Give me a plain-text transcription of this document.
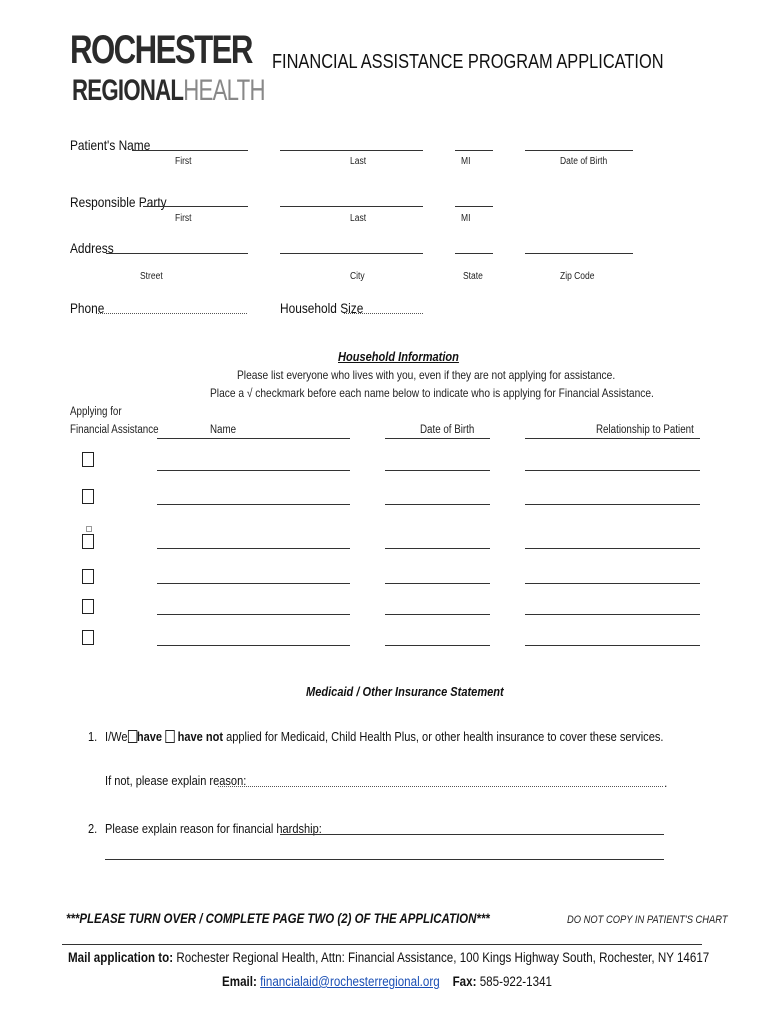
ROCHESTER
REGIONALHEALTH
FINANCIAL ASSISTANCE PROGRAM APPLICATION
Patient's Name
First	Last	MI	Date of Birth
Responsible Party
First	Last	MI
Address
Street	City	State	Zip Code
Phone	Household Size
Household Information
Please list everyone who lives with you, even if they are not applying for assistance.
Place a √ checkmark before each name below to indicate who is applying for Financial Assistance.
Applying for
Financial Assistance	Name	Date of Birth	Relationship to Patient
Medicaid / Other Insurance Statement
1. I/We have have not applied for Medicaid, Child Health Plus, or other health insurance to cover these services.
If not, please explain reason:	.
2. Please explain reason for financial hardship:
***PLEASE TURN OVER / COMPLETE PAGE TWO (2) OF THE APPLICATION***	DO NOT COPY IN PATIENT'S CHART
Mail application to: Rochester Regional Health, Attn: Financial Assistance, 100 Kings Highway South, Rochester, NY 14617
Email: financialaid@rochesterregional.org Fax: 585-922-1341
